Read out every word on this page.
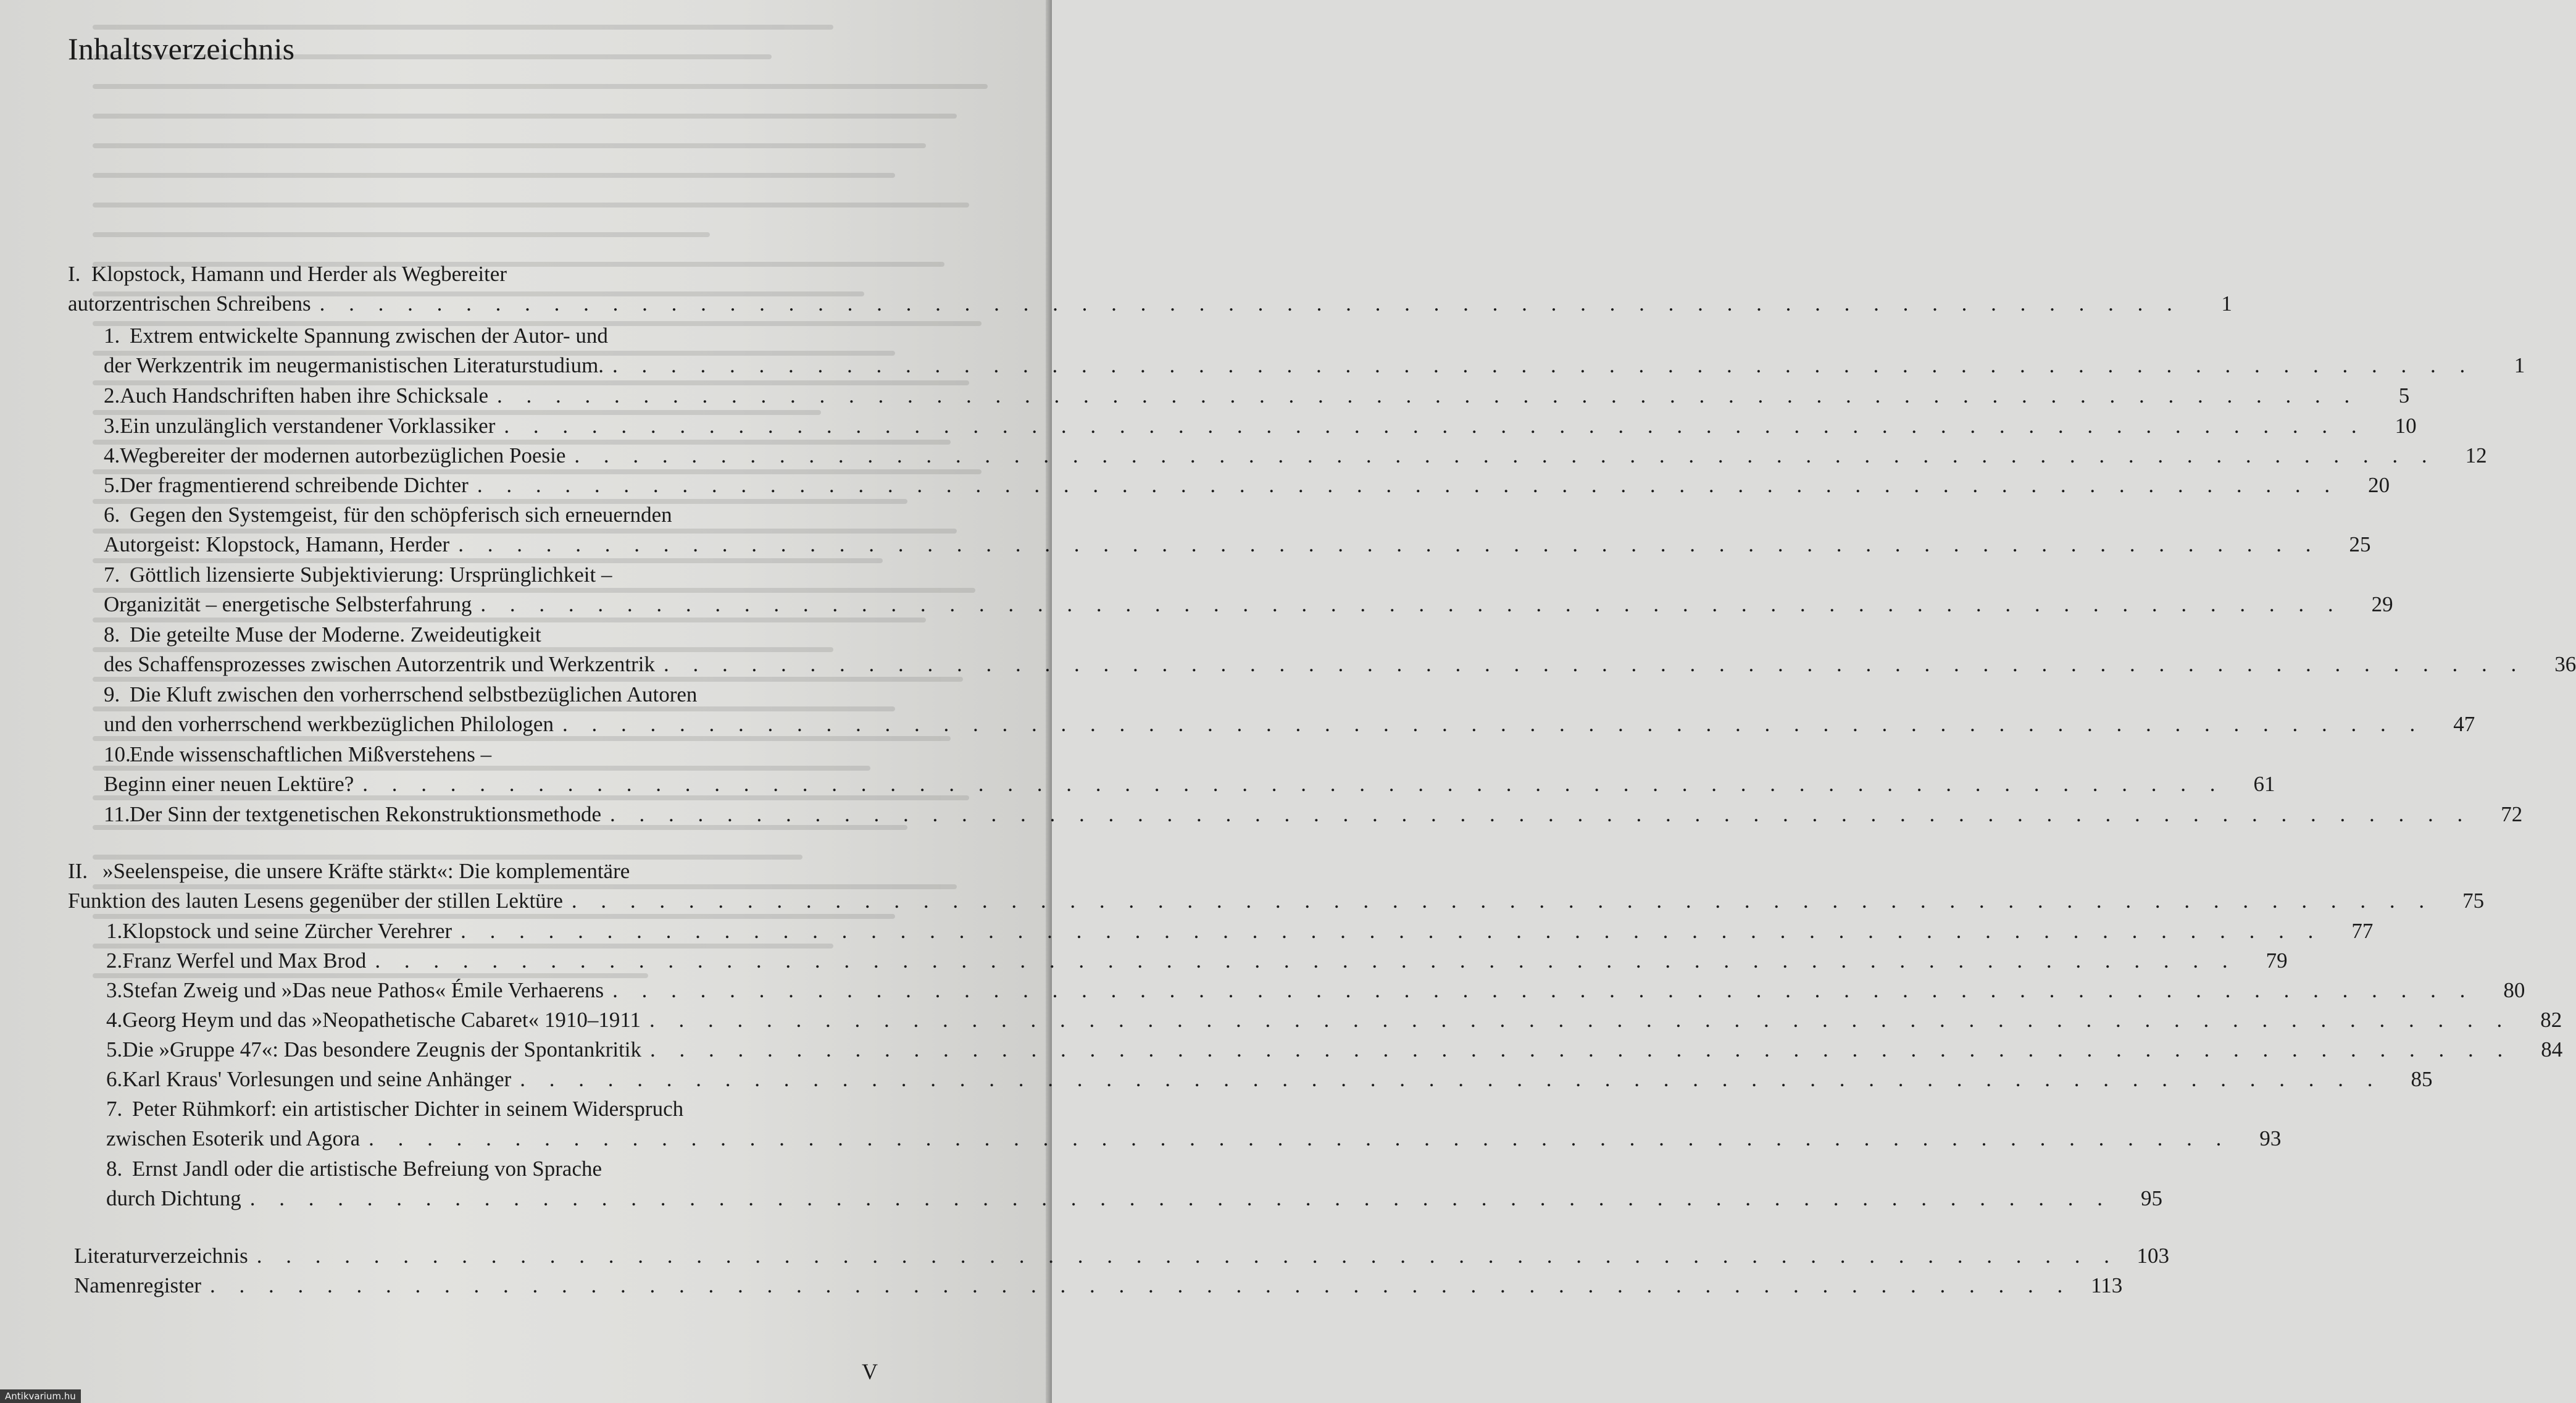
Inhaltsverzeichnis
I. Klopstock, Hamann und Herder als Wegbereiter
autorzentrischen Schreibens . . . . . . . . . . . . . . . . . . . . . . . . . . . . . . . . . . . . . . . . . . . . . . . . . . . . . . . . . . . . . . . .	1
1. Extrem entwickelte Spannung zwischen der Autor- und
der Werkzentrik im neugermanistischen Literaturstudium. . . . . . . . . . . . . . . . . . . . . . . . . . . . . . . . . . . . . . . . . . . . . . . . . . . . . . . . . . . . . . . . .	1
2. Auch Handschriften haben ihre Schicksale . . . . . . . . . . . . . . . . . . . . . . . . . . . . . . . . . . . . . . . . . . . . . . . . . . . . . . . . . . . . . . . .	5
3. Ein unzulänglich verstandener Vorklassiker . . . . . . . . . . . . . . . . . . . . . . . . . . . . . . . . . . . . . . . . . . . . . . . . . . . . . . . . . . . . . . . .	10
4. Wegbereiter der modernen autorbezüglichen Poesie . . . . . . . . . . . . . . . . . . . . . . . . . . . . . . . . . . . . . . . . . . . . . . . . . . . . . . . . . . . . . . . .	12
5. Der fragmentierend schreibende Dichter . . . . . . . . . . . . . . . . . . . . . . . . . . . . . . . . . . . . . . . . . . . . . . . . . . . . . . . . . . . . . . . .	20
6. Gegen den Systemgeist, für den schöpferisch sich erneuernden
Autorgeist: Klopstock, Hamann, Herder . . . . . . . . . . . . . . . . . . . . . . . . . . . . . . . . . . . . . . . . . . . . . . . . . . . . . . . . . . . . . . . .	25
7. Göttlich lizensierte Subjektivierung: Ursprünglichkeit –
Organizität – energetische Selbsterfahrung . . . . . . . . . . . . . . . . . . . . . . . . . . . . . . . . . . . . . . . . . . . . . . . . . . . . . . . . . . . . . . . .	29
8. Die geteilte Muse der Moderne. Zweideutigkeit
des Schaffensprozesses zwischen Autorzentrik und Werkzentrik . . . . . . . . . . . . . . . . . . . . . . . . . . . . . . . . . . . . . . . . . . . . . . . . . . . . . . . . . . . . . . . .	36
9. Die Kluft zwischen den vorherrschend selbstbezüglichen Autoren
und den vorherrschend werkbezüglichen Philologen . . . . . . . . . . . . . . . . . . . . . . . . . . . . . . . . . . . . . . . . . . . . . . . . . . . . . . . . . . . . . . . .	47
10.
Ende wissenschaftlichen Mißverstehens –
Beginn einer neuen Lektüre? . . . . . . . . . . . . . . . . . . . . . . . . . . . . . . . . . . . . . . . . . . . . . . . . . . . . . . . . . . . . . . . .	61
11. Der Sinn der textgenetischen Rekonstruktionsmethode . . . . . . . . . . . . . . . . . . . . . . . . . . . . . . . . . . . . . . . . . . . . . . . . . . . . . . . . . . . . . . . .	72
II. »Seelenspeise, die unsere Kräfte stärkt«: Die komplementäre
Funktion des lauten Lesens gegenüber der stillen Lektüre . . . . . . . . . . . . . . . . . . . . . . . . . . . . . . . . . . . . . . . . . . . . . . . . . . . . . . . . . . . . . . . .	75
1. Klopstock und seine Zürcher Verehrer . . . . . . . . . . . . . . . . . . . . . . . . . . . . . . . . . . . . . . . . . . . . . . . . . . . . . . . . . . . . . . . .	77
2. Franz Werfel und Max Brod . . . . . . . . . . . . . . . . . . . . . . . . . . . . . . . . . . . . . . . . . . . . . . . . . . . . . . . . . . . . . . . .	79
3. Stefan Zweig und »Das neue Pathos« Émile Verhaerens . . . . . . . . . . . . . . . . . . . . . . . . . . . . . . . . . . . . . . . . . . . . . . . . . . . . . . . . . . . . . . . .	80
4. Georg Heym und das »Neopathetische Cabaret« 1910–1911 . . . . . . . . . . . . . . . . . . . . . . . . . . . . . . . . . . . . . . . . . . . . . . . . . . . . . . . . . . . . . . . .	82
5. Die »Gruppe 47«: Das besondere Zeugnis der Spontankritik . . . . . . . . . . . . . . . . . . . . . . . . . . . . . . . . . . . . . . . . . . . . . . . . . . . . . . . . . . . . . . . .	84
6. Karl Kraus' Vorlesungen und seine Anhänger . . . . . . . . . . . . . . . . . . . . . . . . . . . . . . . . . . . . . . . . . . . . . . . . . . . . . . . . . . . . . . . .	85
7. Peter Rühmkorf: ein artistischer Dichter in seinem Widerspruch
zwischen Esoterik und Agora . . . . . . . . . . . . . . . . . . . . . . . . . . . . . . . . . . . . . . . . . . . . . . . . . . . . . . . . . . . . . . . .	93
8. Ernst Jandl oder die artistische Befreiung von Sprache
durch Dichtung . . . . . . . . . . . . . . . . . . . . . . . . . . . . . . . . . . . . . . . . . . . . . . . . . . . . . . . . . . . . . . . .	95
Literaturverzeichnis . . . . . . . . . . . . . . . . . . . . . . . . . . . . . . . . . . . . . . . . . . . . . . . . . . . . . . . . . . . . . . . . 103
Namenregister . . . . . . . . . . . . . . . . . . . . . . . . . . . . . . . . . . . . . . . . . . . . . . . . . . . . . . . . . . . . . . . . 113
V
Antikvarium.hu
